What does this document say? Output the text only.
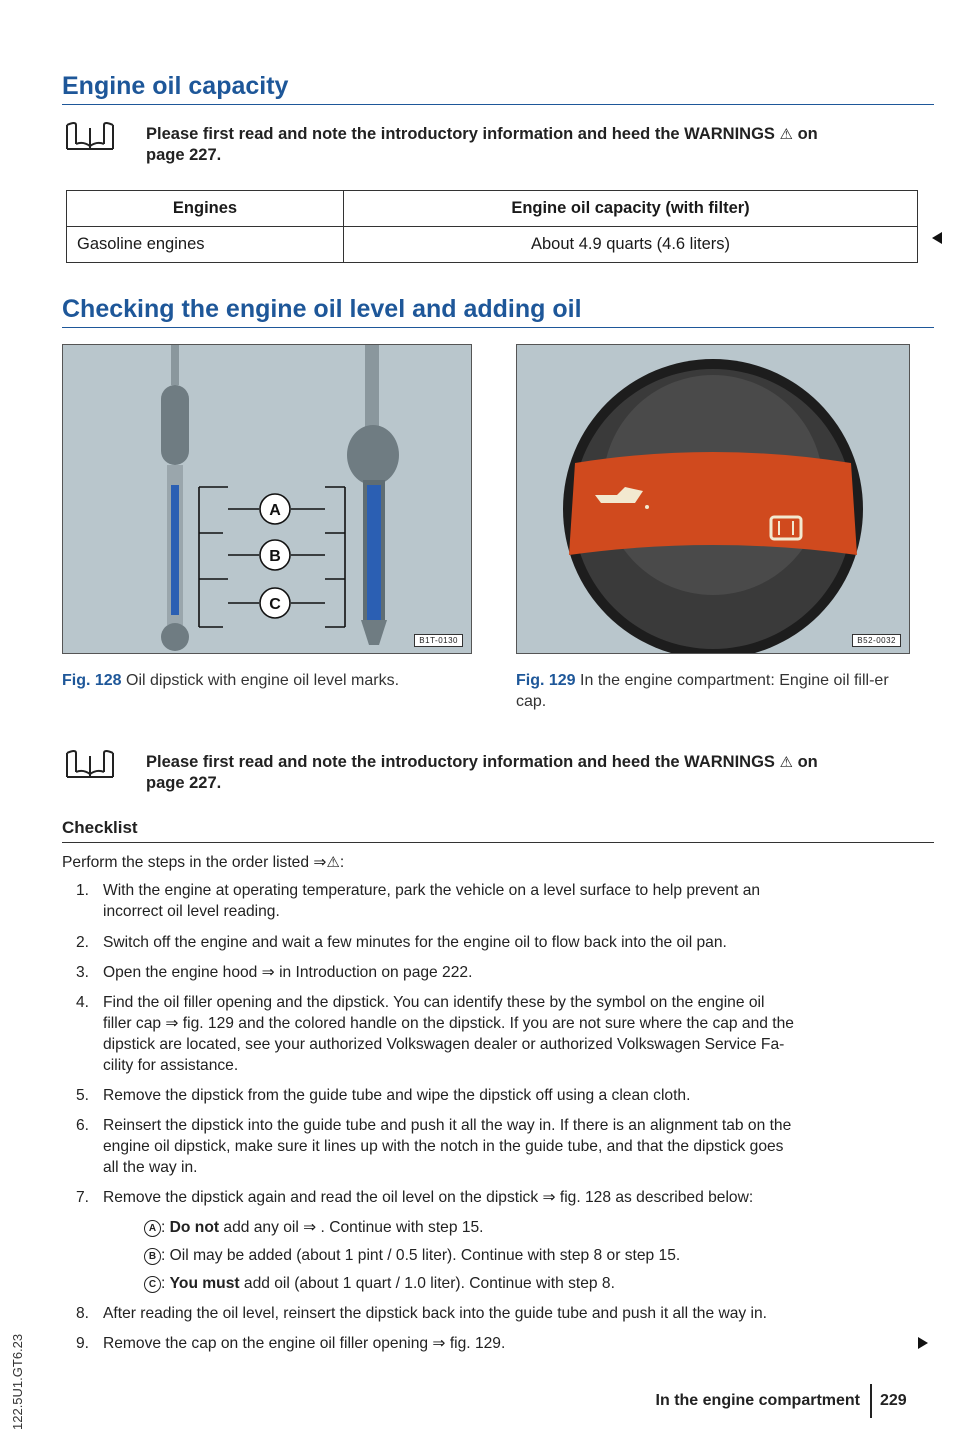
Engine oil capacity
Please first read and note the introductory information and heed the WARNINGS ⚠ on
page 227.
Engines	Engine oil capacity (with filter)
Gasoline engines	About 4.9 quarts (4.6 liters)
Checking the engine oil level and adding oil
A
B
C
B1T-0130
Fig. 128 Oil dipstick with engine oil level marks.
B52-0032
Fig. 129 In the engine compartment: Engine oil fill-er cap.
Please first read and note the introductory information and heed the WARNINGS ⚠ on
page 227.
Checklist
Perform the steps in the order listed ⇒⚠:
1. With the engine at operating temperature, park the vehicle on a level surface to help prevent an
incorrect oil level reading.
2. Switch off the engine and wait a few minutes for the engine oil to flow back into the oil pan.
3. Open the engine hood ⇒ in Introduction on page 222.
4. Find the oil filler opening and the dipstick. You can identify these by the symbol on the engine oil
filler cap ⇒ fig. 129 and the colored handle on the dipstick. If you are not sure where the cap and the
dipstick are located, see your authorized Volkswagen dealer or authorized Volkswagen Service Fa-
cility for assistance.
5. Remove the dipstick from the guide tube and wipe the dipstick off using a clean cloth.
6. Reinsert the dipstick into the guide tube and push it all the way in. If there is an alignment tab on the
engine oil dipstick, make sure it lines up with the notch in the guide tube, and that the dipstick goes
all the way in.
7. Remove the dipstick again and read the oil level on the dipstick ⇒ fig. 128 as described below:
A : Do not add any oil ⇒ . Continue with step 15.
B : Oil may be added (about 1 pint / 0.5 liter). Continue with step 8 or step 15.
C : You must add oil (about 1 quart / 1.0 liter). Continue with step 8.
8. After reading the oil level, reinsert the dipstick back into the guide tube and push it all the way in.
9. Remove the cap on the engine oil filler opening ⇒ fig. 129.
In the engine compartment 229
122.5U1.GT6.23
